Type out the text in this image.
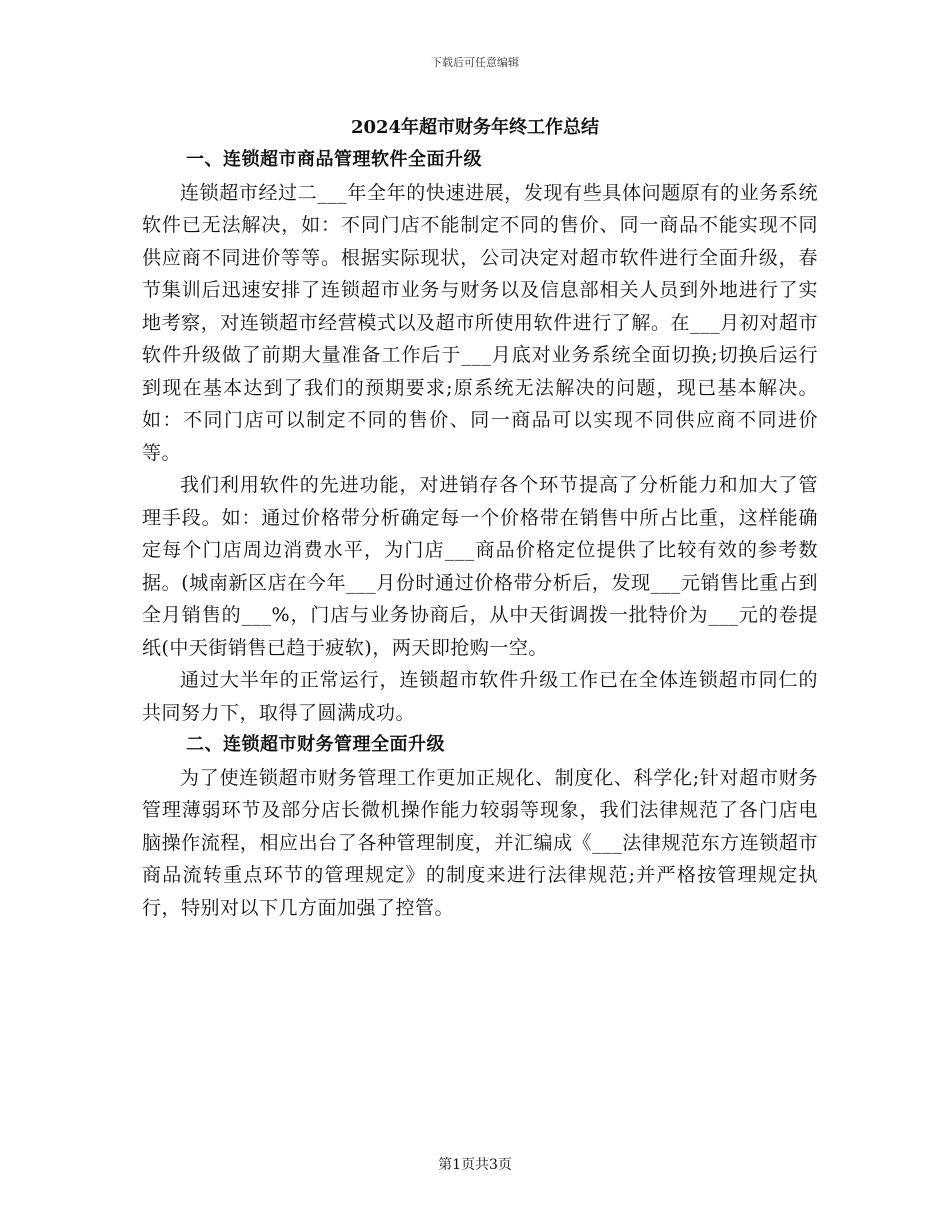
下载后可任意编辑
2024年超市财务年终工作总结
一、连锁超市商品管理软件全面升级

连锁超市经过二___年全年的快速进展，发现有些具体问题原有的业务系统软件已无法解决，如：不同门店不能制定不同的售价、同一商品不能实现不同供应商不同进价等等。根据实际现状，公司决定对超市软件进行全面升级，春节集训后迅速安排了连锁超市业务与财务以及信息部相关人员到外地进行了实地考察，对连锁超市经营模式以及超市所使用软件进行了解。在___月初对超市软件升级做了前期大量准备工作后于___月底对业务系统全面切换;切换后运行到现在基本达到了我们的预期要求;原系统无法解决的问题，现已基本解决。如：不同门店可以制定不同的售价、同一商品可以实现不同供应商不同进价等。

我们利用软件的先进功能，对进销存各个环节提高了分析能力和加大了管理手段。如：通过价格带分析确定每一个价格带在销售中所占比重，这样能确定每个门店周边消费水平，为门店___商品价格定位提供了比较有效的参考数据。(城南新区店在今年___月份时通过价格带分析后，发现___元销售比重占到全月销售的___%，门店与业务协商后，从中天街调拨一批特价为___元的卷提纸(中天街销售已趋于疲软)，两天即抢购一空。

通过大半年的正常运行，连锁超市软件升级工作已在全体连锁超市同仁的共同努力下，取得了圆满成功。

二、连锁超市财务管理全面升级

为了使连锁超市财务管理工作更加正规化、制度化、科学化;针对超市财务管理薄弱环节及部分店长微机操作能力较弱等现象，我们法律规范了各门店电脑操作流程，相应出台了各种管理制度，并汇编成《___法律规范东方连锁超市商品流转重点环节的管理规定》的制度来进行法律规范;并严格按管理规定执行，特别对以下几方面加强了控管。

第1页共3页
